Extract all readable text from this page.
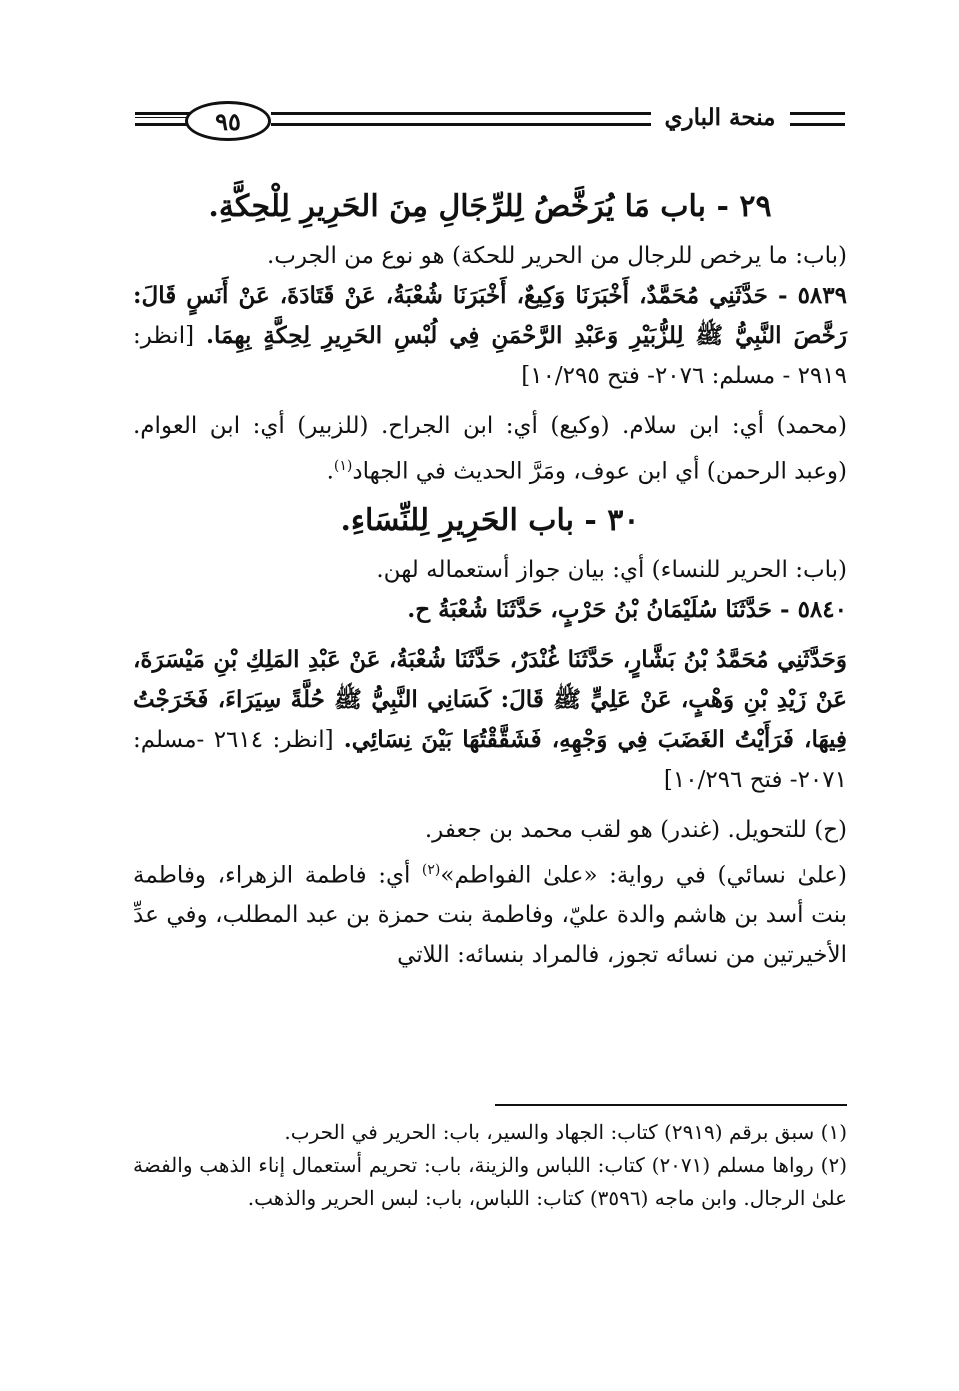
٩٥	منحة الباري
٢٩ - باب مَا يُرَخَّصُ لِلرِّجَالِ مِنَ الحَرِيرِ لِلْحِكَّةِ.
(باب: ما يرخص للرجال من الحرير للحكة) هو نوع من الجرب.
٥٨٣٩ - حَدَّثَنِي مُحَمَّدٌ، أَخْبَرَنَا وَكِيعٌ، أَخْبَرَنَا شُعْبَةُ، عَنْ قَتَادَةَ، عَنْ أَنَسٍ قَالَ: رَخَّصَ النَّبِيُّ ﷺ لِلزُّبَيْرِ وَعَبْدِ الرَّحْمَنِ فِي لُبْسِ الحَرِيرِ لِحِكَّةٍ بِهِمَا. [انظر: ٢٩١٩ - مسلم: ٢٠٧٦- فتح ١٠/٢٩٥]
(محمد) أي: ابن سلام. (وكيع) أي: ابن الجراح. (للزبير) أي: ابن العوام. (وعبد الرحمن) أي ابن عوف، ومَرَّ الحديث في الجهاد$^{(١)}$.
٣٠ - باب الحَرِيرِ لِلنِّسَاءِ.
(باب: الحرير للنساء) أي: بيان جواز أستعماله لهن.
٥٨٤٠ - حَدَّثَنَا سُلَيْمَانُ بْنُ حَرْبٍ، حَدَّثَنَا شُعْبَةُ ح.
وَحَدَّثَنِي مُحَمَّدُ بْنُ بَشَّارٍ، حَدَّثَنَا غُنْدَرٌ، حَدَّثَنَا شُعْبَةُ، عَنْ عَبْدِ المَلِكِ بْنِ مَيْسَرَةَ، عَنْ زَيْدِ بْنِ وَهْبٍ، عَنْ عَلِيٍّ ﷺ قَالَ: كَسَانِي النَّبِيُّ ﷺ حُلَّةً سِيَرَاءَ، فَخَرَجْتُ فِيهَا، فَرَأَيْتُ الغَضَبَ فِي وَجْهِهِ، فَشَقَّقْتُهَا بَيْنَ نِسَائِي. [انظر: ٢٦١٤ -مسلم: ٢٠٧١- فتح ١٠/٢٩٦]
(ح) للتحويل. (غندر) هو لقب محمد بن جعفر.
(علىٰ نسائي) في رواية: «علىٰ الفواطم»$^{(٢)}$ أي: فاطمة الزهراء، وفاطمة بنت أسد بن هاشم والدة عليّ، وفاطمة بنت حمزة بن عبد المطلب، وفي عدِّ الأخيرتين من نسائه تجوز، فالمراد بنسائه: اللاتي
(١) سبق برقم (٢٩١٩) كتاب: الجهاد والسير، باب: الحرير في الحرب.
(٢) رواها مسلم (٢٠٧١) كتاب: اللباس والزينة، باب: تحريم أستعمال إناء الذهب والفضة علىٰ الرجال. وابن ماجه (٣٥٩٦) كتاب: اللباس، باب: لبس الحرير والذهب.
